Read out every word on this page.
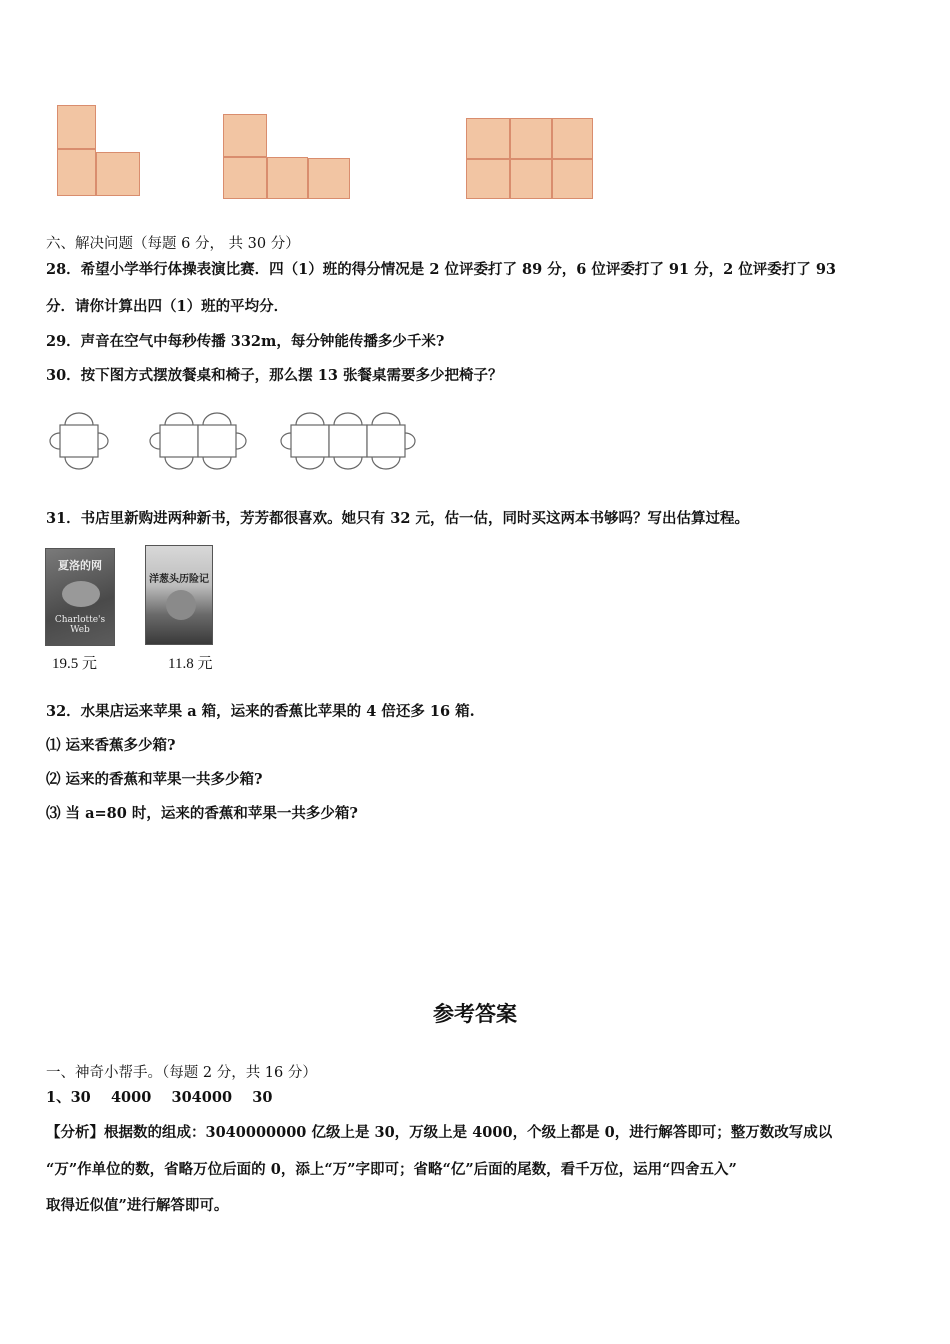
六、解决问题（每题 6 分， 共 30 分）
28．希望小学举行体操表演比赛．四（1）班的得分情况是 2 位评委打了 89 分，6 位评委打了 91 分，2 位评委打了 93
分．请你计算出四（1）班的平均分．
29．声音在空气中每秒传播 332m，每分钟能传播多少千米?
30．按下图方式摆放餐桌和椅子，那么摆 13 张餐桌需要多少把椅子？
31．书店里新购进两种新书，芳芳都很喜欢。她只有 32 元，估一估，同时买这两本书够吗？写出估算过程。
夏洛的网
Charlotte's Web
19.5 元
洋葱头历险记
11.8 元
32．水果店运来苹果 a 箱，运来的香蕉比苹果的 4 倍还多 16 箱.
⑴ 运来香蕉多少箱?
⑵ 运来的香蕉和苹果一共多少箱?
⑶ 当 a=80 时，运来的香蕉和苹果一共多少箱?
参考答案
一、神奇小帮手。（每题 2 分，共 16 分）
1、30    4000    304000    30
【分析】根据数的组成：3040000000 亿级上是 30，万级上是 4000，个级上都是 0，进行解答即可；整万数改写成以
“万”作单位的数，省略万位后面的 0，添上“万”字即可；省略“亿”后面的尾数，看千万位，运用“四舍五入”
取得近似值”进行解答即可。
